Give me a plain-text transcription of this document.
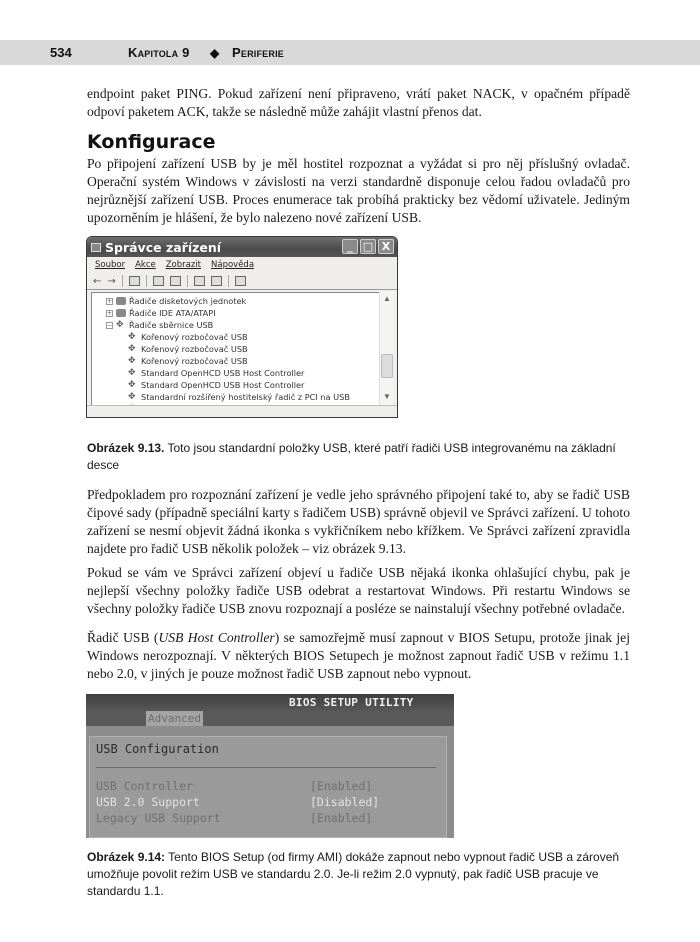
534	Kapitola 9 ◆ Periferie

endpoint paket PING. Pokud zařízení není připraveno, vrátí paket NACK, v opačném případě odpoví paketem ACK, takže se následně může zahájit vlastní přenos dat.

Konfigurace

Po připojení zařízení USB by je měl hostitel rozpoznat a vyžádat si pro něj příslušný ovladač. Operační systém Windows v závislosti na verzi standardně disponuje celou řadou ovladačů pro nejrůznější zařízení USB. Proces enumerace tak probíhá prakticky bez vědomí uživatele. Jediným upozorněním je hlášení, že bylo nalezeno nové zařízení USB.

Správce zařízení	_ □ X
Soubor Akce Zobrazit Nápověda
← →
+ Řadiče disketových jednotek
+ Řadiče IDE ATA/ATAPI
− ✥ Řadiče sběrnice USB
✥ Kořenový rozbočovač USB
✥ Kořenový rozbočovač USB
✥ Kořenový rozbočovač USB
✥ Standard OpenHCD USB Host Controller
✥ Standard OpenHCD USB Host Controller
✥ Standardní rozšířený hostitelský řadič z PCI na USB
▲
▼

Obrázek 9.13. Toto jsou standardní položky USB, které patří řadiči USB integrovanému na základní desce

Předpokladem pro rozpoznání zařízení je vedle jeho správného připojení také to, aby se řadič USB čipové sady (případně speciální karty s řadičem USB) správně objevil ve Správci zařízení. U tohoto zařízení se nesmí objevit žádná ikonka s vykřičníkem nebo křížkem. Ve Správci zařízení zpravidla najdete pro řadič USB několik položek – viz obrázek 9.13.

Pokud se vám ve Správci zařízení objeví u řadiče USB nějaká ikonka ohlašující chybu, pak je nejlepší všechny položky řadiče USB odebrat a restartovat Windows. Při restartu Windows se všechny položky řadiče USB znovu rozpoznají a posléze se nainstalují všechny potřebné ovladače.

Řadič USB (USB Host Controller) se samozřejmě musí zapnout v BIOS Setupu, protože jinak jej Windows nerozpoznají. V některých BIOS Setupech je možnost zapnout řadič USB v režimu 1.1 nebo 2.0, v jiných je pouze možnost řadič USB zapnout nebo vypnout.

BIOS SETUP UTILITY
Advanced
USB Configuration
USB Controller	[Enabled]
USB 2.0 Support	[Disabled]
Legacy USB Support	[Enabled]

Obrázek 9.14: Tento BIOS Setup (od firmy AMI) dokáže zapnout nebo vypnout řadič USB a zároveň umožňuje povolit režim USB ve standardu 2.0. Je-li režim 2.0 vypnutý, pak řadič USB pracuje ve standardu 1.1.
